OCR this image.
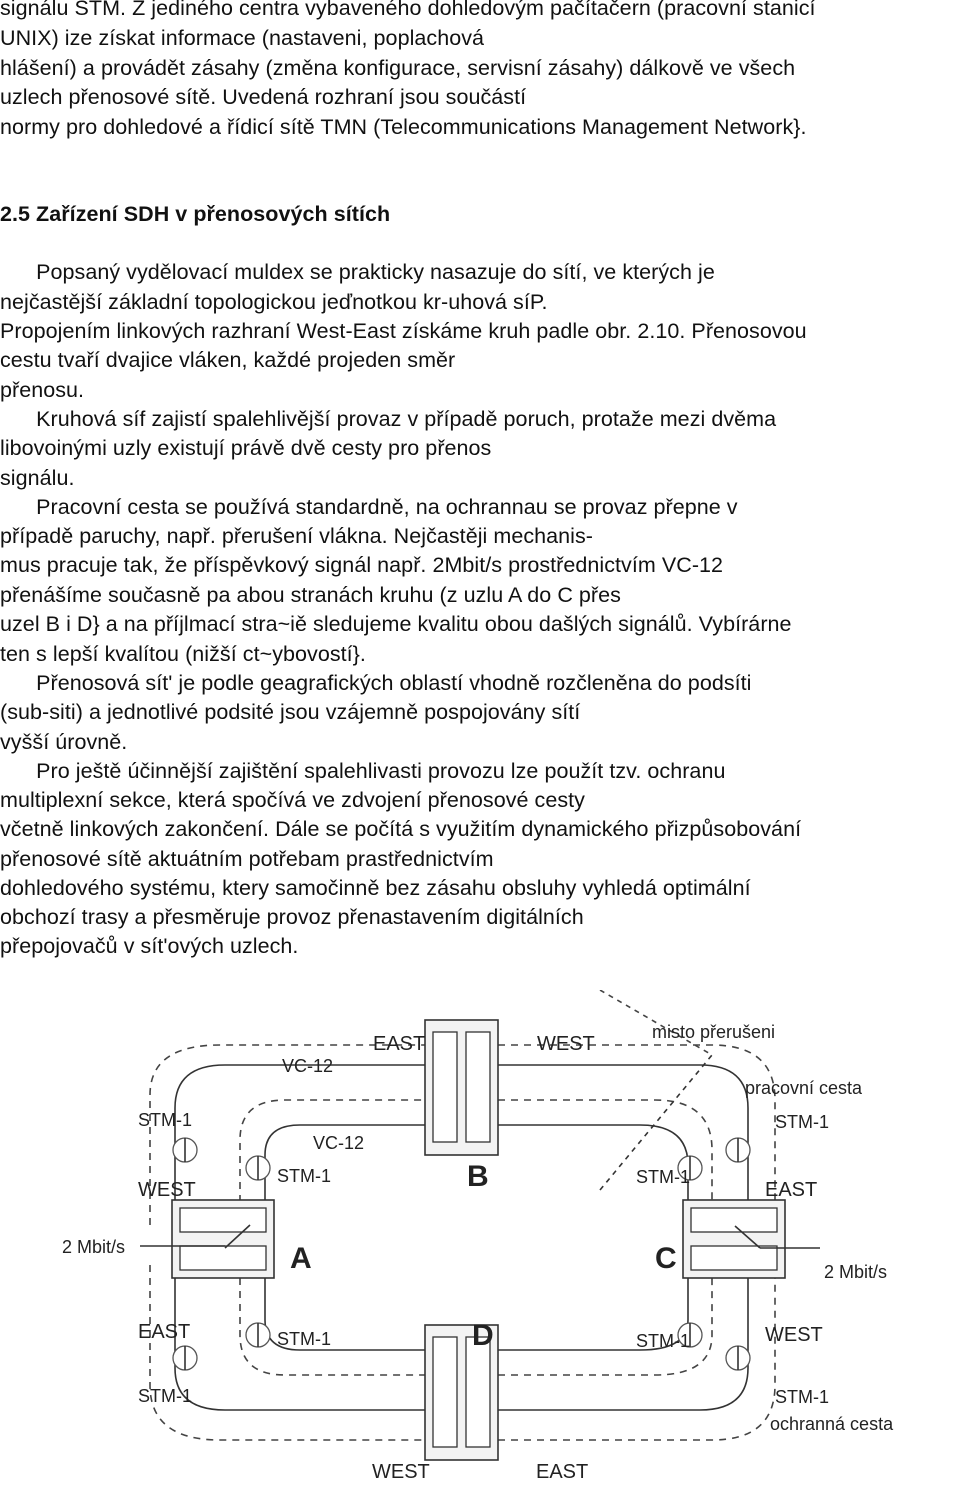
signálu STM. Z jediného centra vybaveného dohledovým pačítačern (pracovní stanicí
UNIX) ize získat informace (nastaveni, poplachová
hlášení) a provádět zásahy (změna konfigurace, servisní zásahy) dálkově ve všech
uzlech přenosové sítě. Uvedená rozhraní jsou součástí
normy pro dohledové a řídicí sítě TMN (Telecommunications Management Network}.
2.5 Zařízení SDH v přenosových sítích
Popsaný vydělovací muldex se prakticky nasazuje do sítí, ve kterých je
nejčastější základní topologickou jeďnotkou kr-uhová síP.
Propojením linkových razhraní West-East získáme kruh padle obr. 2.10. Přenosovou
cestu tvaří dvajice vláken, každé projeden směr
přenosu.
Kruhová síf zajistí spalehlivější provaz v případě poruch, protaže mezi dvěma
libovoinými uzly existují právě dvě cesty pro přenos
signálu.
Pracovní cesta se používá standardně, na ochrannau se provaz přepne v
případě paruchy, např. přerušení vlákna. Nejčastěji mechanis-
mus pracuje tak, že příspěvkový signál např. 2Mbit/s prostřednictvím VC-12
přenášíme současně pa abou stranách kruhu (z uzlu A do C přes
uzel B i D} a na příjlmací stra~iě sledujeme kvalitu obou dašlých signálů. Vybírárne
ten s lepší kvalítou (nižší ct~ybovostí}.
Přenosová sít' je podle geagrafických oblastí vhodně rozčleněna do podsíti
(sub-siti) a jednotlivé podsité jsou vzájemně pospojovány sítí
vyšší úrovně.
Pro ještě účinnější zajištění spalehlivasti provozu lze použít tzv. ochranu
multiplexní sekce, která spočívá ve zdvojení přenosové cesty
včetně linkových zakončení. Dále se počítá s využitím dynamického přizpůsobování
přenosové sítě aktuátním potřebam prastřednictvím
dohledového systému, ktery samočinně bez zásahu obsluhy vyhledá optimální
obchozí trasy a přesměruje provoz přenastavením digitálních
přepojovačů v sít'ových uzlech.
B
A	C
D
EAST	WEST
misto přerušeni
VC-12
pracovní cesta
STM-1	STM-1
VC-12
WEST
STM-1	STM-1
EAST
2 Mbit/s
2 Mbit/s
EAST	STM-1	STM-1	WEST
STM-1	STM-1
ochranná cesta
WEST	EAST
